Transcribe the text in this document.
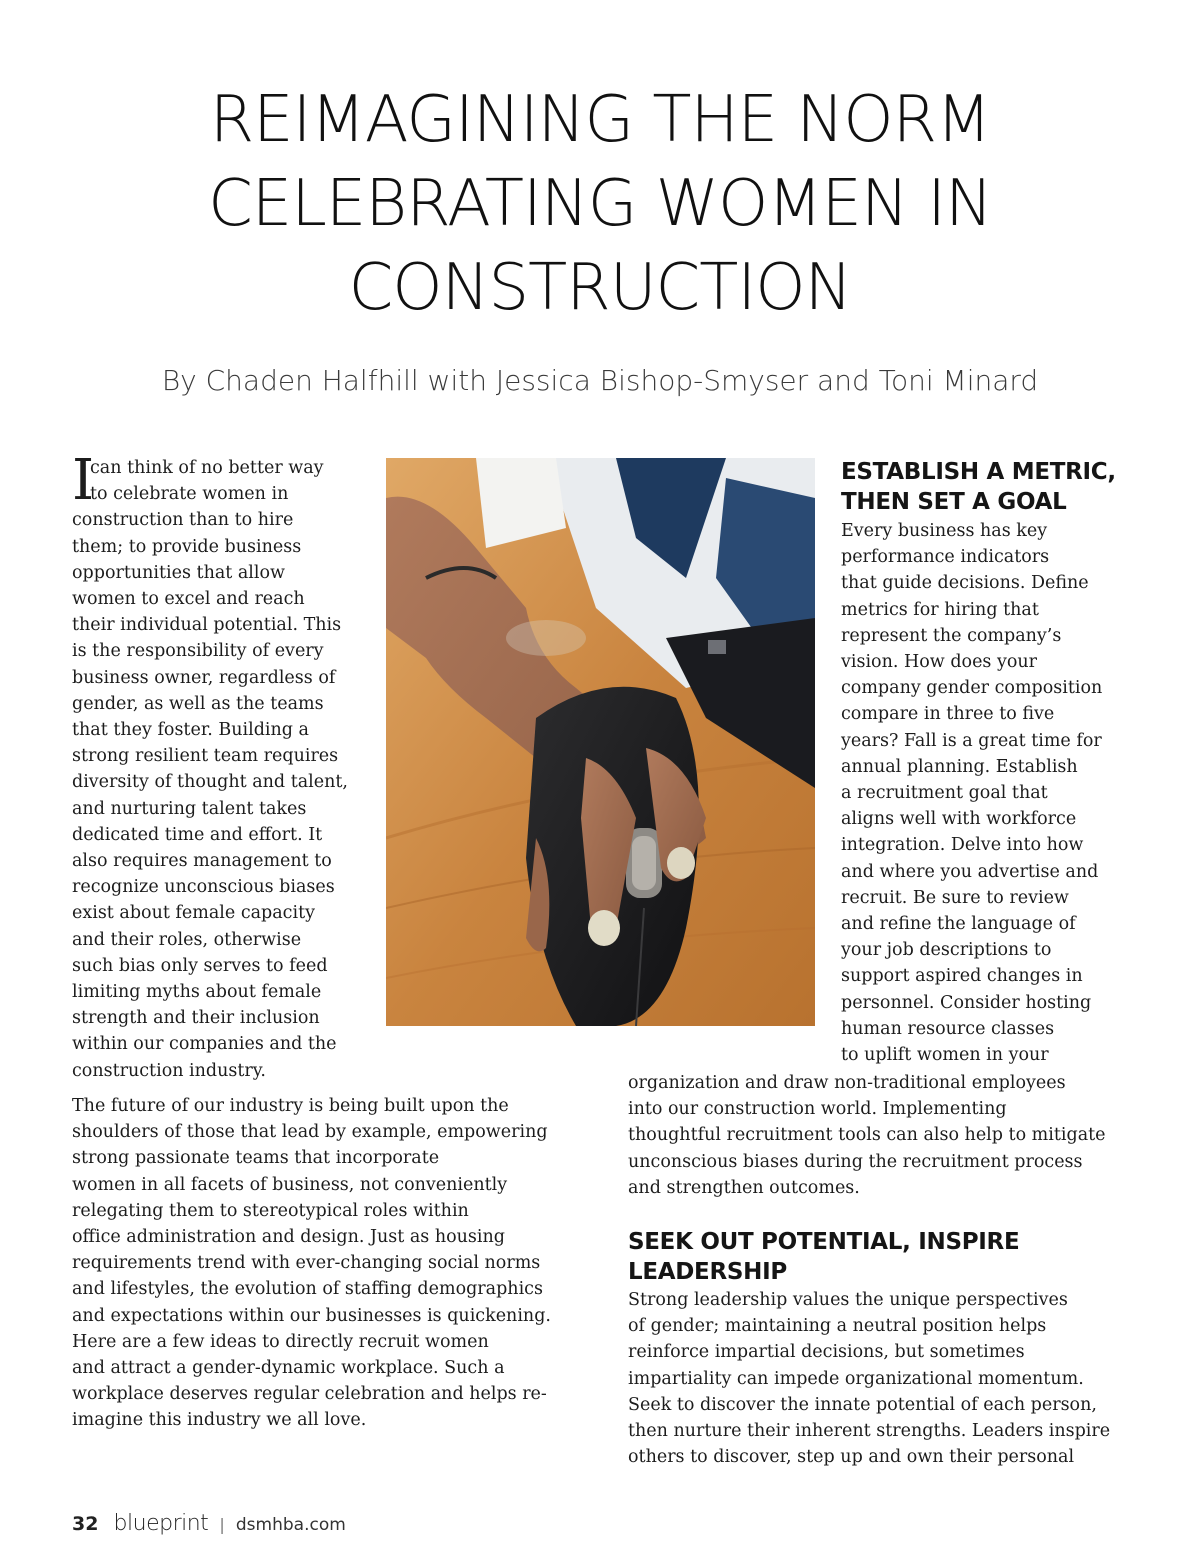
REIMAGINING THE NORM
CELEBRATING WOMEN IN
CONSTRUCTION
By Chaden Halfhill with Jessica Bishop-Smyser and Toni Minard
I
can think of no better way
to celebrate women in
construction than to hire
them; to provide business
opportunities that allow
women to excel and reach
their individual potential. This
is the responsibility of every
business owner, regardless of
gender, as well as the teams
that they foster. Building a
strong resilient team requires
diversity of thought and talent,
and nurturing talent takes
dedicated time and effort. It
also requires management to
recognize unconscious biases
exist about female capacity
and their roles, otherwise
such bias only serves to feed
limiting myths about female
strength and their inclusion
within our companies and the
construction industry.
The future of our industry is being built upon the
shoulders of those that lead by example, empowering
strong passionate teams that incorporate
women in all facets of business, not conveniently
relegating them to stereotypical roles within
office administration and design. Just as housing
requirements trend with ever-changing social norms
and lifestyles, the evolution of staffing demographics
and expectations within our businesses is quickening.
Here are a few ideas to directly recruit women
and attract a gender-dynamic workplace. Such a
workplace deserves regular celebration and helps re-
imagine this industry we all love.
ESTABLISH A METRIC,
THEN SET A GOAL
Every business has key
performance indicators
that guide decisions. Define
metrics for hiring that
represent the company’s
vision. How does your
company gender composition
compare in three to five
years? Fall is a great time for
annual planning. Establish
a recruitment goal that
aligns well with workforce
integration. Delve into how
and where you advertise and
recruit. Be sure to review
and refine the language of
your job descriptions to
support aspired changes in
personnel. Consider hosting
human resource classes
to uplift women in your
organization and draw non-traditional employees
into our construction world. Implementing
thoughtful recruitment tools can also help to mitigate
unconscious biases during the recruitment process
and strengthen outcomes.
SEEK OUT POTENTIAL, INSPIRE
LEADERSHIP
Strong leadership values the unique perspectives
of gender; maintaining a neutral position helps
reinforce impartial decisions, but sometimes
impartiality can impede organizational momentum.
Seek to discover the innate potential of each person,
then nurture their inherent strengths. Leaders inspire
others to discover, step up and own their personal
32 blueprint | dsmhba.com
